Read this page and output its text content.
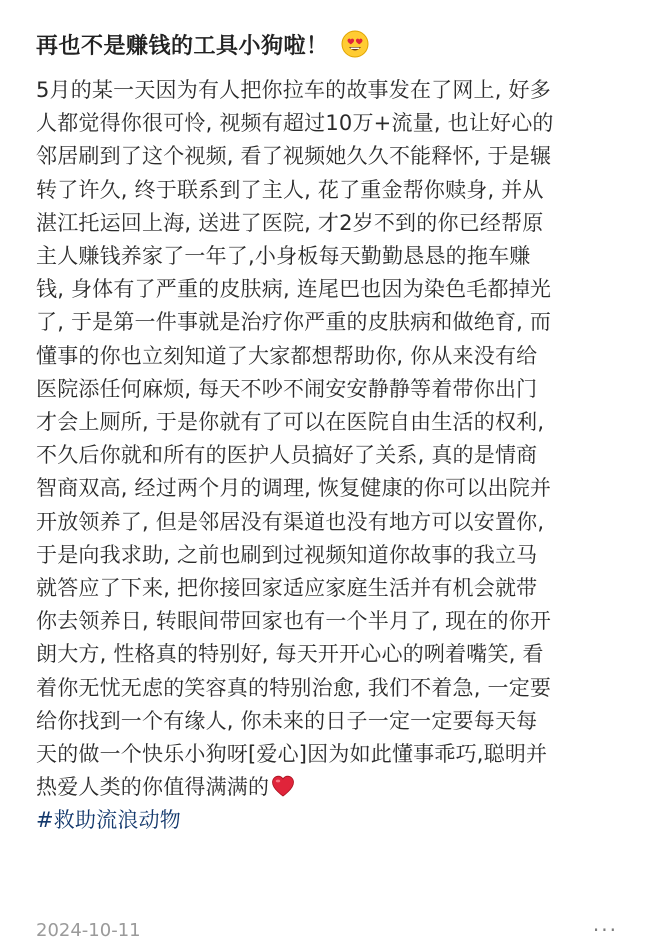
再也不是赚钱的工具小狗啦！
5月的某一天因为有人把你拉车的故事发在了网上, 好多
人都觉得你很可怜, 视频有超过10万+流量, 也让好心的
邻居刷到了这个视频, 看了视频她久久不能释怀, 于是辗
转了许久, 终于联系到了主人, 花了重金帮你赎身, 并从
湛江托运回上海, 送进了医院, 才2岁不到的你已经帮原
主人赚钱养家了一年了,小身板每天勤勤恳恳的拖车赚
钱, 身体有了严重的皮肤病, 连尾巴也因为染色毛都掉光
了, 于是第一件事就是治疗你严重的皮肤病和做绝育, 而
懂事的你也立刻知道了大家都想帮助你, 你从来没有给
医院添任何麻烦, 每天不吵不闹安安静静等着带你出门
才会上厕所, 于是你就有了可以在医院自由生活的权利,
不久后你就和所有的医护人员搞好了关系, 真的是情商
智商双高, 经过两个月的调理, 恢复健康的你可以出院并
开放领养了, 但是邻居没有渠道也没有地方可以安置你,
于是向我求助, 之前也刷到过视频知道你故事的我立马
就答应了下来, 把你接回家适应家庭生活并有机会就带
你去领养日, 转眼间带回家也有一个半月了, 现在的你开
朗大方, 性格真的特别好, 每天开开心心的咧着嘴笑, 看
着你无忧无虑的笑容真的特别治愈, 我们不着急, 一定要
给你找到一个有缘人, 你未来的日子一定一定要每天每
天的做一个快乐小狗呀[爱心]因为如此懂事乖巧,聪明并
热爱人类的你值得满满的
#救助流浪动物
2024-10-11	···
